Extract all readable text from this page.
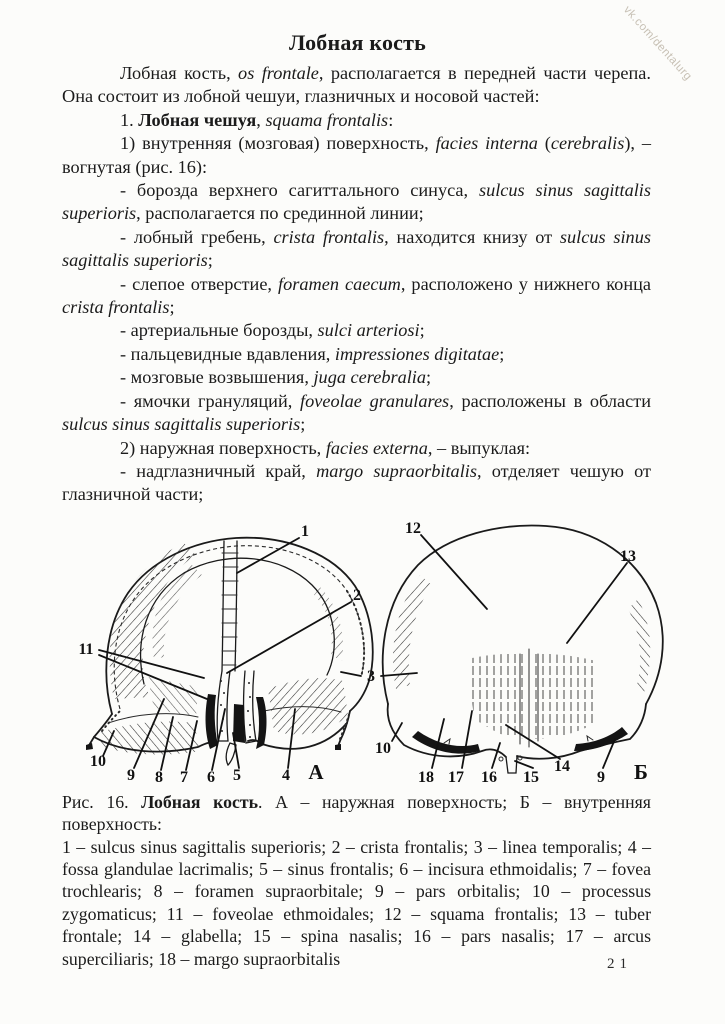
vk.com/dentalurg
Лобная кость

Лобная кость, os frontale, располагается в передней части черепа. Она состоит из лобной чешуи, глазничных и носовой частей:

1. Лобная чешуя, squama frontalis:

1) внутренняя (мозговая) поверхность, facies interna (cerebralis), – вогнутая (рис. 16):

- борозда верхнего сагиттального синуса, sulcus sinus sagittalis superioris, располагается по срединной линии;

- лобный гребень, crista frontalis, находится книзу от sulcus sinus sagittalis superioris;

- слепое отверстие, foramen caecum, расположено у нижнего конца crista frontalis;

- артериальные борозды, sulci arteriosi;

- пальцевидные вдавления, impressiones digitatae;

- мозговые возвышения, juga cerebralia;

- ямочки грануляций, foveolae granulares, расположены в области sulcus sinus sagittalis superioris;

2) наружная поверхность, facies externa, – выпуклая:

- надглазничный край, margo supraorbitalis, отделяет чешую от глазничной части;

1
2
11
3
10
9 8 7 6 5	4 А
12
13
10
18 17 16 15
14
9 Б

Рис. 16. Лобная кость. А – наружная поверхность; Б – внутренняя поверхность:

1 – sulcus sinus sagittalis superioris; 2 – crista frontalis; 3 – linea temporalis; 4 – fossa glandulae lacrimalis; 5 – sinus frontalis; 6 – incisura ethmoidalis; 7 – fovea trochlearis; 8 – foramen supraorbitale; 9 – pars orbitalis; 10 – processus zygomaticus; 11 – foveolae ethmoidales; 12 – squama frontalis; 13 – tuber frontale; 14 – glabella; 15 – spina nasalis; 16 – pars nasalis; 17 – arcus superciliaris; 18 – margo supraorbitalis	21
